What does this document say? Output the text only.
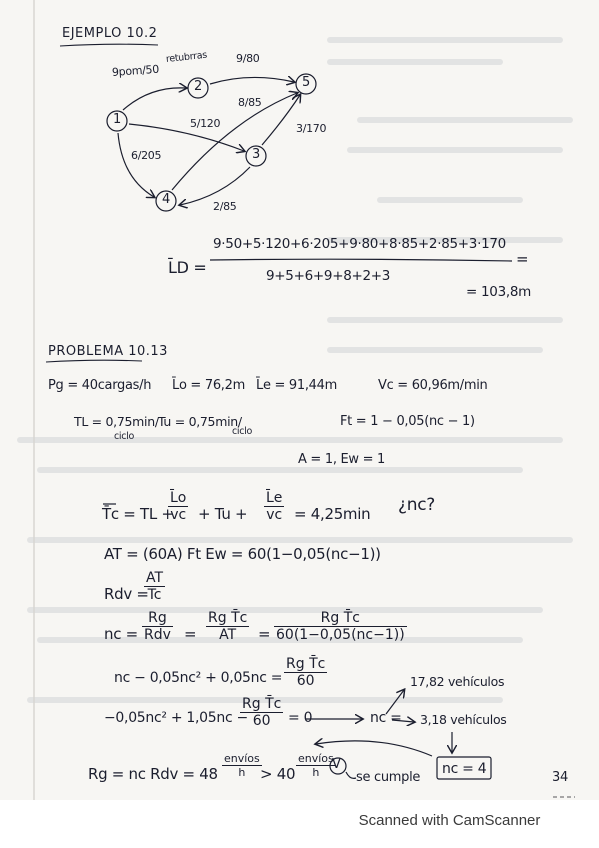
EJEMPLO 10.2
1
2
3
4
5
9pom/50
retubrras	9/80
8/85
5/120	3/170
6/205
2/85
L̄D =
9·50+5·120+6·205+9·80+8·85+2·85+3·170
=
9+5+6+9+8+2+3
= 103,8m
PROBLEMA 10.13
Pg = 40cargas/h L̄o = 76,2m L̄e = 91,44m	Vc = 60,96m/min
TL = 0,75min/
ciclo
Tu = 0,75min/
ciclo
Ft = 1 − 0,05(nc − 1)
A = 1, Ew = 1
T̄c = TL +
$\frac{L̄o}{vc} + Tu + \frac{L̄e}{vc} = 4,25\min$ ¿nc?
AT = (60A) Ft Ew = 60(1−0,05(nc−1))
Rdv =
$\frac{AT}{Tc}$
nc =
Rg
Rdv = $\frac{\text{Rg T̄c}}{AT} = \frac{\text{Rg T̄c}}{60(1-0,05(nc-1))}$
nc − $0,05nc^2 + 0,05nc = \frac{\text{Rg T̄c}}{60}$
−0,05nc² + 1,05nc −
$\frac{\text{Rg T̄c}}{60} = 0$	nc =
17,82 vehículos
3,18 vehículos
Rg = nc Rdv = 48
envíos
h > 40
envíos
h
V
se cumple
nc = 4
34
Scanned with CamScanner
